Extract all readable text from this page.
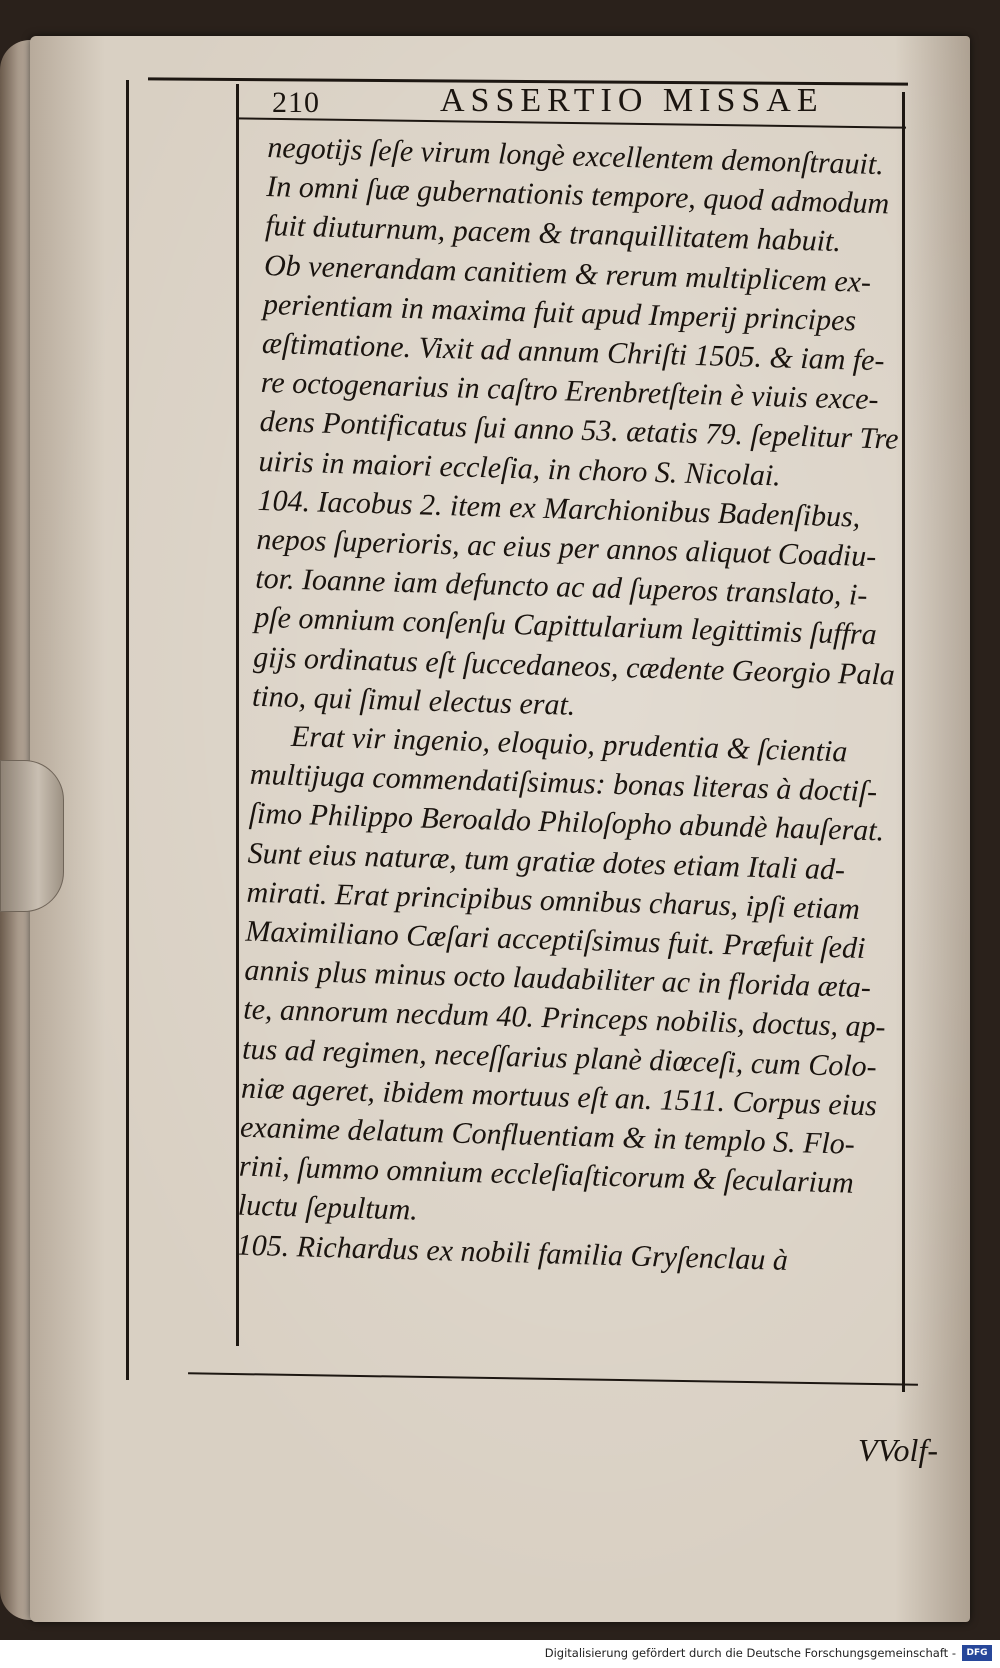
210	ASSERTIO MISSAE
negotijs ſeſe virum longè excellentem demonſtrauit.
In omni ſuæ gubernationis tempore, quod admodum
fuit diuturnum, pacem & tranquillitatem habuit.
Ob venerandam canitiem & rerum multiplicem ex-
perientiam in maxima fuit apud Imperij principes
æſtimatione. Vixit ad annum Chriſti 1505. & iam fe-
re octogenarius in caſtro Erenbretſtein è viuis exce-
dens Pontificatus ſui anno 53. ætatis 79. ſepelitur Tre
uiris in maiori eccleſia, in choro S. Nicolai.
104. Iacobus 2. item ex Marchionibus Badenſibus,
nepos ſuperioris, ac eius per annos aliquot Coadiu-
tor. Ioanne iam defuncto ac ad ſuperos translato, i-
pſe omnium conſenſu Capittularium legittimis ſuffra
gijs ordinatus eſt ſuccedaneos, cædente Georgio Pala
tino, qui ſimul electus erat.
Erat vir ingenio, eloquio, prudentia & ſcientia
multijuga commendatiſsimus: bonas literas à doctiſ-
ſimo Philippo Beroaldo Philoſopho abundè hauſerat.
Sunt eius naturæ, tum gratiæ dotes etiam Itali ad-
mirati. Erat principibus omnibus charus, ipſi etiam
Maximiliano Cæſari acceptiſsimus fuit. Præfuit ſedi
annis plus minus octo laudabiliter ac in florida æta-
te, annorum necdum 40. Princeps nobilis, doctus, ap-
tus ad regimen, neceſſarius planè diœceſi, cum Colo-
niæ ageret, ibidem mortuus eſt an. 1511. Corpus eius
exanime delatum Confluentiam & in templo S. Flo-
rini, ſummo omnium eccleſiaſticorum & ſecularium
luctu ſepultum.
105. Richardus ex nobili familia Gryſenclau à
VVolf-
Digitalisierung gefördert durch die Deutsche Forschungsgemeinschaft -	DFG
